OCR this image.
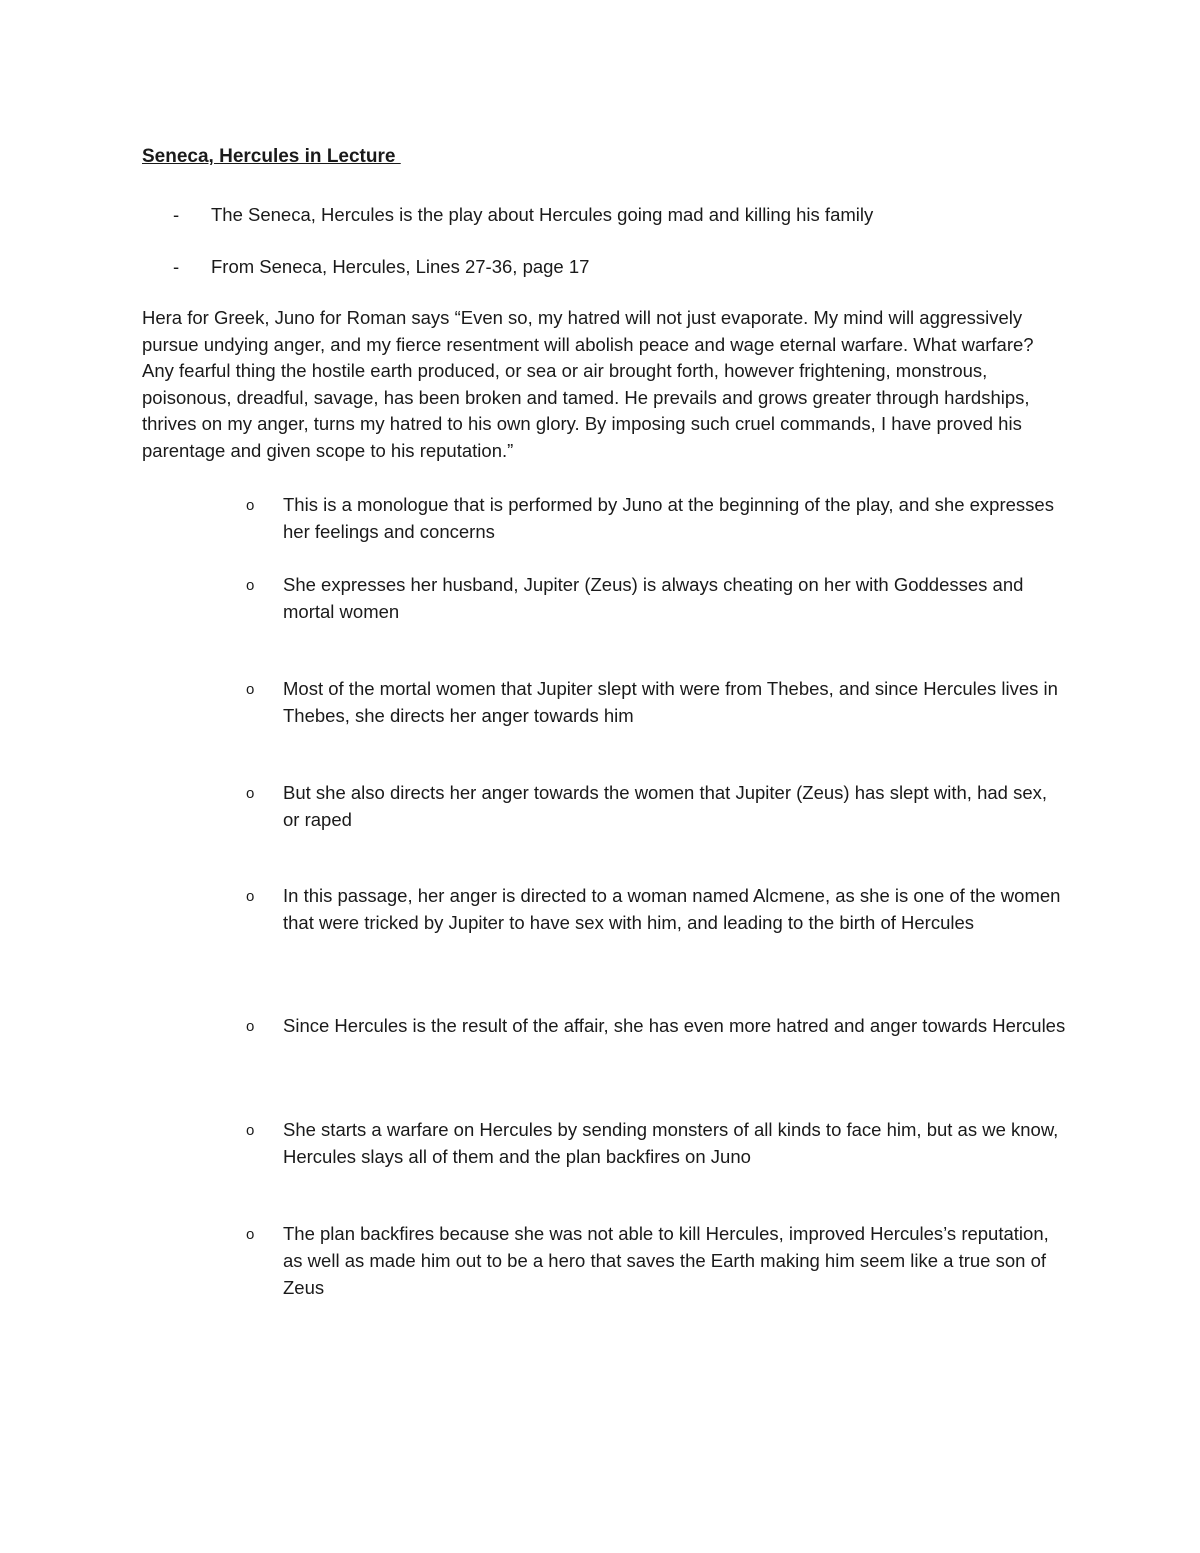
Seneca, Hercules in Lecture
-	The Seneca, Hercules is the play about Hercules going mad and killing his family
-	From Seneca, Hercules, Lines 27-36, page 17
Hera for Greek, Juno for Roman says “Even so, my hatred will not just evaporate. My mind will aggressively pursue undying anger, and my fierce resentment will abolish peace and wage eternal warfare. What warfare? Any fearful thing the hostile earth produced, or sea or air brought forth, however frightening, monstrous, poisonous, dreadful, savage, has been broken and tamed. He prevails and grows greater through hardships, thrives on my anger, turns my hatred to his own glory. By imposing such cruel commands, I have proved his parentage and given scope to his reputation.”
o	This is a monologue that is performed by Juno at the beginning of the play, and she expresses her feelings and concerns
o	She expresses her husband, Jupiter (Zeus) is always cheating on her with Goddesses and mortal women
o	Most of the mortal women that Jupiter slept with were from Thebes, and since Hercules lives in Thebes, she directs her anger towards him
o	But she also directs her anger towards the women that Jupiter (Zeus) has slept with, had sex, or raped
o	In this passage, her anger is directed to a woman named Alcmene, as she is one of the women that were tricked by Jupiter to have sex with him, and leading to the birth of Hercules
o	Since Hercules is the result of the affair, she has even more hatred and anger towards Hercules
o	She starts a warfare on Hercules by sending monsters of all kinds to face him, but as we know, Hercules slays all of them and the plan backfires on Juno
o	The plan backfires because she was not able to kill Hercules, improved Hercules’s reputation, as well as made him out to be a hero that saves the Earth making him seem like a true son of Zeus
